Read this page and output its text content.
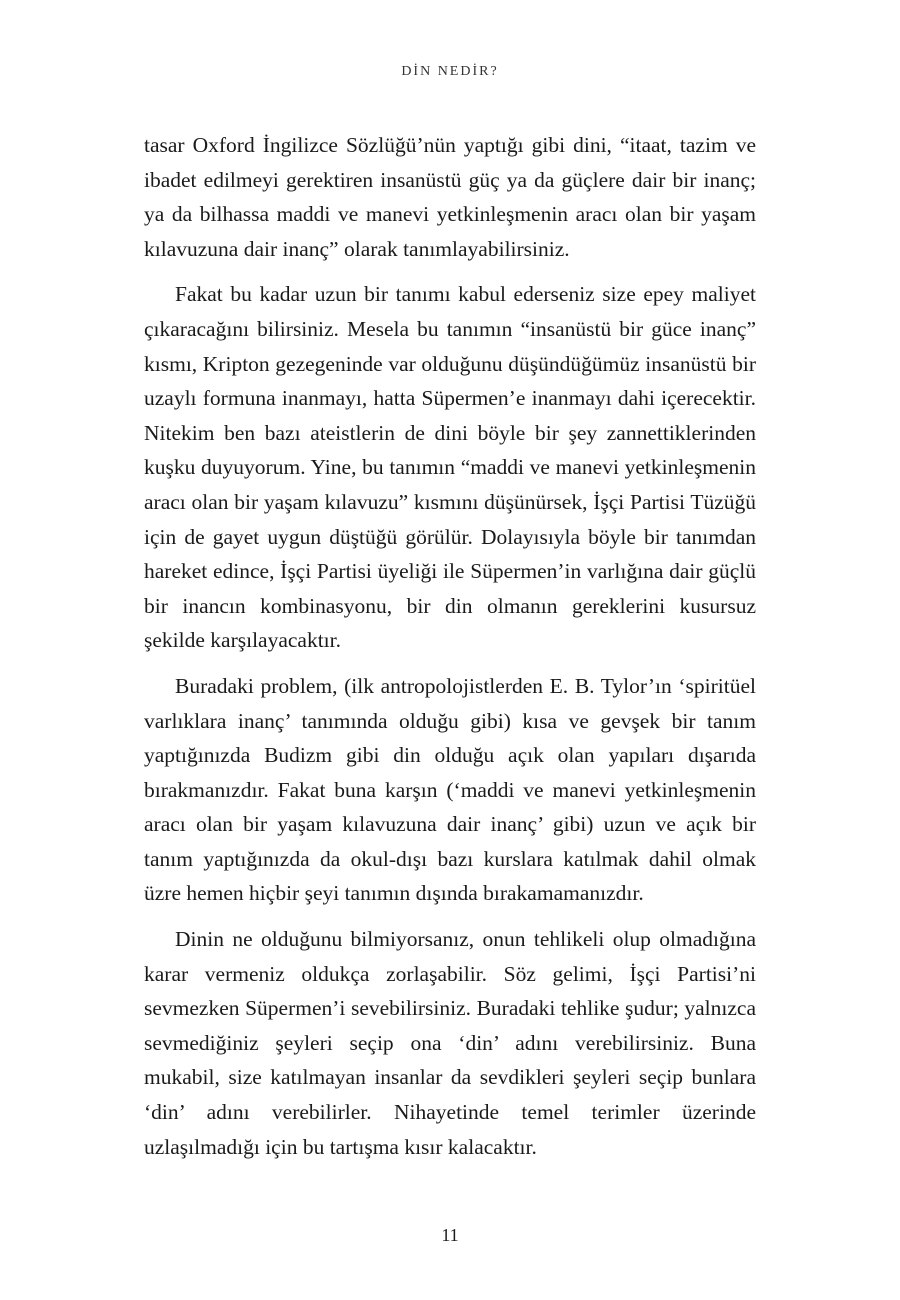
DİN NEDİR?

tasar Oxford İngilizce Sözlüğü’nün yaptığı gibi dini, “itaat, tazim ve ibadet edilmeyi gerektiren insanüstü güç ya da güçlere dair bir inanç; ya da bilhassa maddi ve manevi yetkinleşmenin aracı olan bir yaşam kılavuzuna dair inanç” olarak tanımlayabilirsiniz.

Fakat bu kadar uzun bir tanımı kabul ederseniz size epey maliyet çıkaracağını bilirsiniz. Mesela bu tanımın “insanüstü bir güce inanç” kısmı, Kripton gezegeninde var olduğunu düşündüğümüz insanüstü bir uzaylı formuna inanmayı, hatta Süpermen’e inanmayı dahi içerecektir. Nitekim ben bazı ateistlerin de dini böyle bir şey zannettiklerinden kuşku duyuyorum. Yine, bu tanımın “maddi ve manevi yetkinleşmenin aracı olan bir yaşam kılavuzu” kısmını düşünürsek, İşçi Partisi Tüzüğü için de gayet uygun düştüğü görülür. Dolayısıyla böyle bir tanımdan hareket edince, İşçi Partisi üyeliği ile Süpermen’in varlığına dair güçlü bir inancın kombinasyonu, bir din olmanın gereklerini kusursuz şekilde karşılayacaktır.

Buradaki problem, (ilk antropolojistlerden E. B. Tylor’ın ‘spiritüel varlıklara inanç’ tanımında olduğu gibi) kısa ve gevşek bir tanım yaptığınızda Budizm gibi din olduğu açık olan yapıları dışarıda bırakmanızdır. Fakat buna karşın (‘maddi ve manevi yetkinleşmenin aracı olan bir yaşam kılavuzuna dair inanç’ gibi) uzun ve açık bir tanım yaptığınızda da okul-dışı bazı kurslara katılmak dahil olmak üzre hemen hiçbir şeyi tanımın dışında bırakamamanızdır.

Dinin ne olduğunu bilmiyorsanız, onun tehlikeli olup olmadığına karar vermeniz oldukça zorlaşabilir. Söz gelimi, İşçi Partisi’ni sevmezken Süpermen’i sevebilirsiniz. Buradaki tehlike şudur; yalnızca sevmediğiniz şeyleri seçip ona ‘din’ adını verebilirsiniz. Buna mukabil, size katılmayan insanlar da sevdikleri şeyleri seçip bunlara ‘din’ adını verebilirler. Nihayetinde temel terimler üzerinde uzlaşılmadığı için bu tartışma kısır kalacaktır.

11
